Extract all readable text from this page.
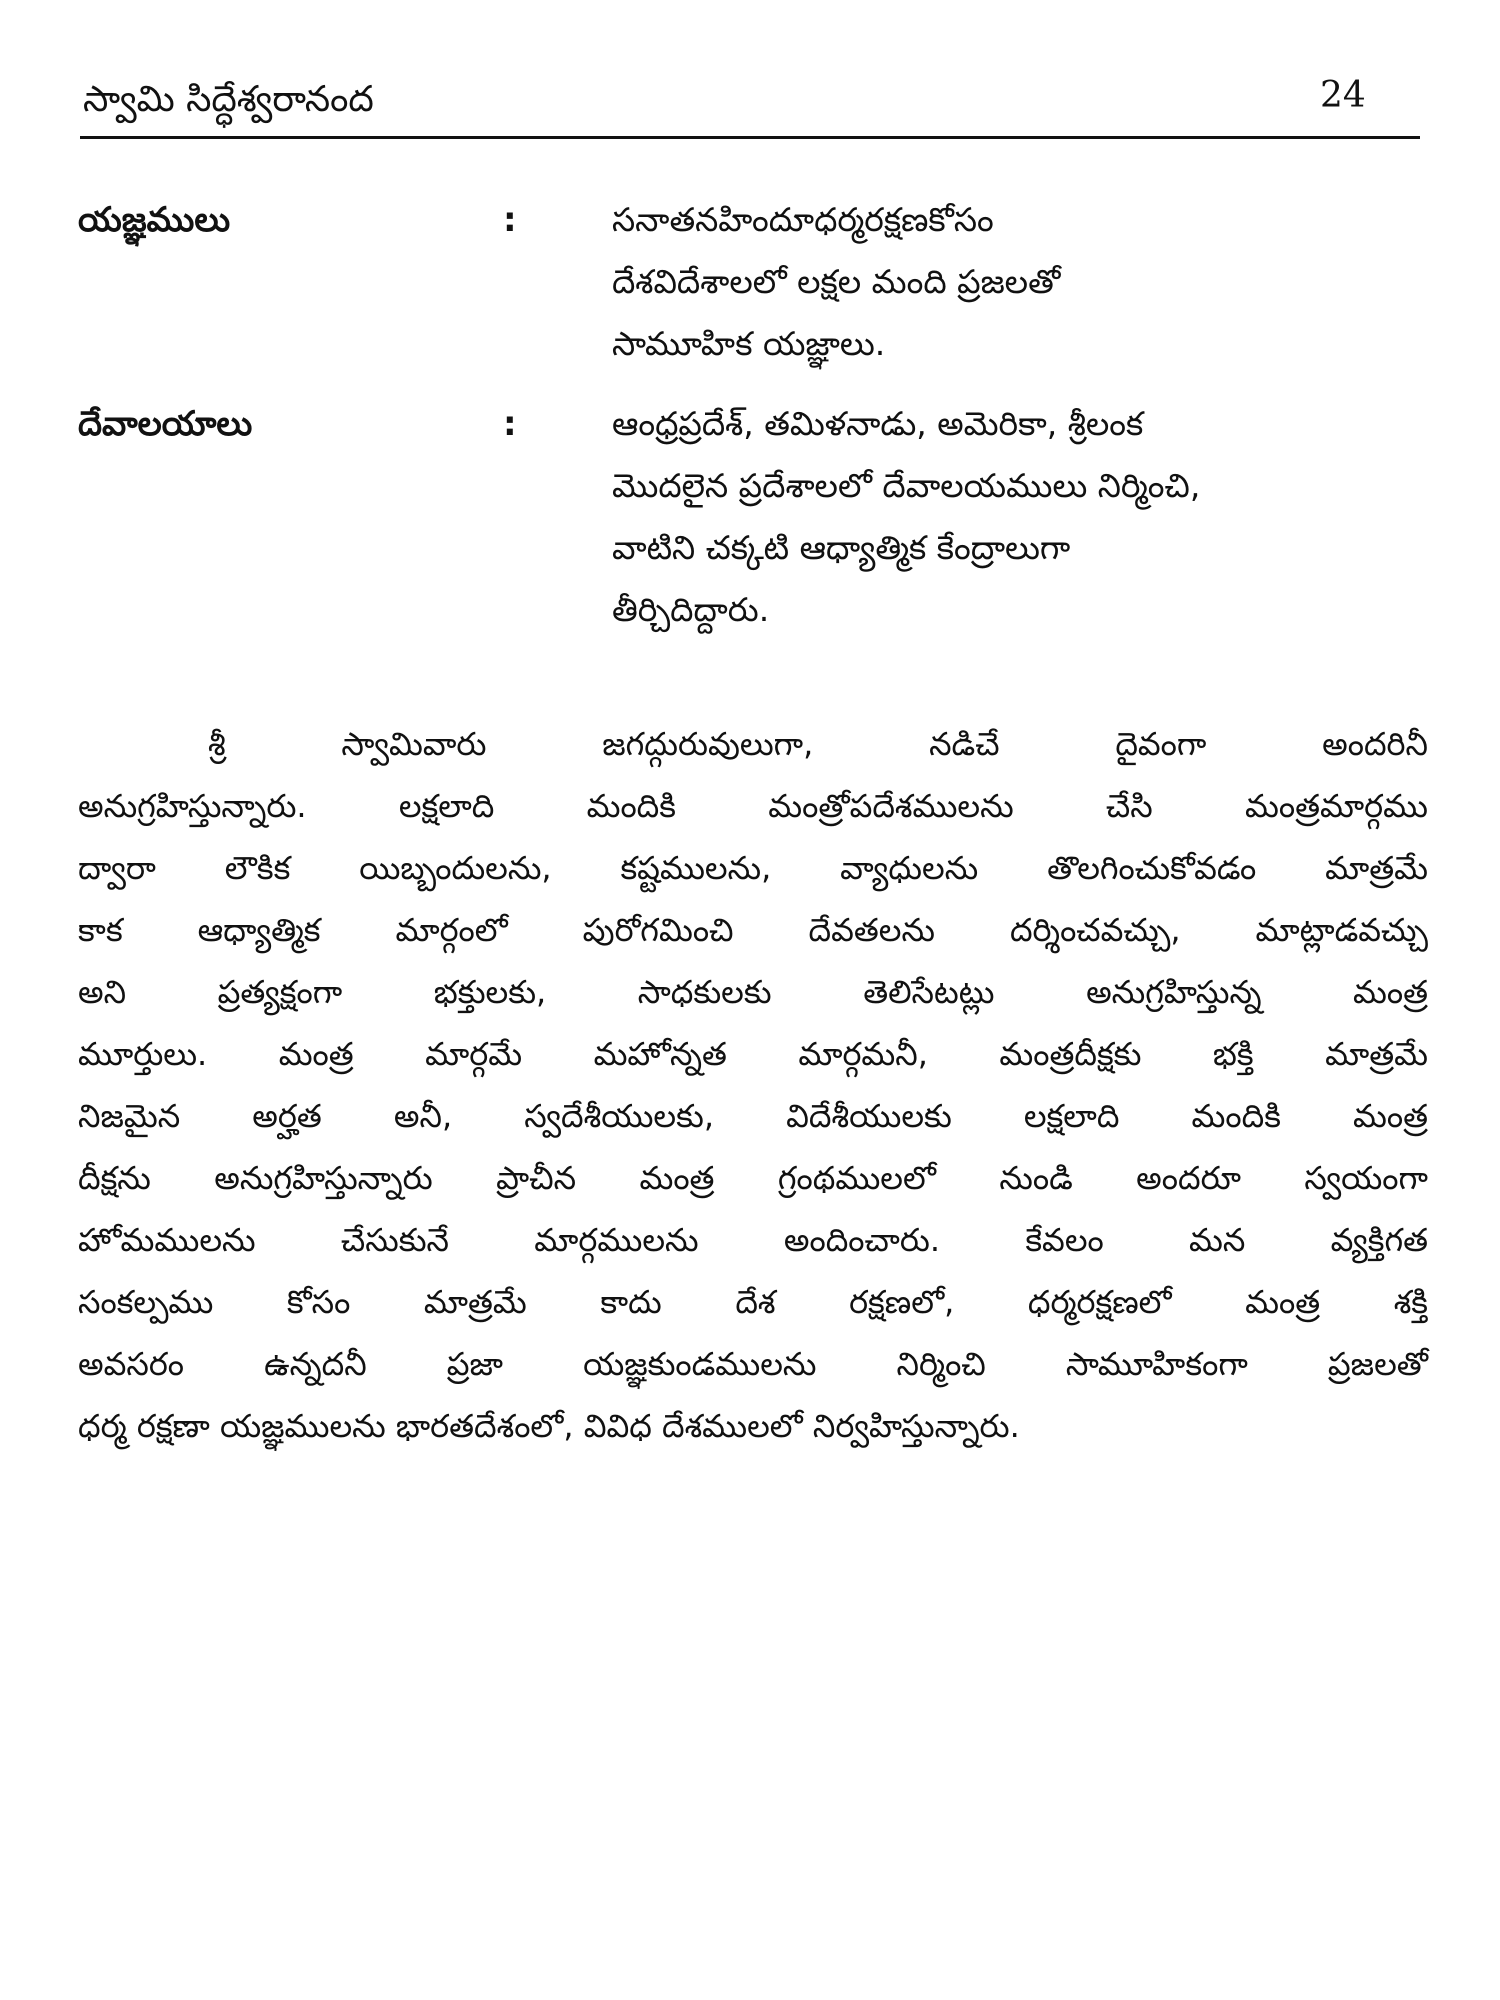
స్వామి సిద్ధేశ్వరానంద	24
యజ్ఞములు	:	సనాతనహిందూధర్మరక్షణకోసం
దేశవిదేశాలలో లక్షల మంది ప్రజలతో
సామూహిక యజ్ఞాలు.
దేవాలయాలు	:	ఆంధ్రప్రదేశ్, తమిళనాడు, అమెరికా, శ్రీలంక
మొదలైన ప్రదేశాలలో దేవాలయములు నిర్మించి,
వాటిని చక్కటి ఆధ్యాత్మిక కేంద్రాలుగా
తీర్చిదిద్దారు.
శ్రీ స్వామివారు జగద్గురువులుగా, నడిచే దైవంగా అందరినీ
అనుగ్రహిస్తున్నారు. లక్షలాది మందికి మంత్రోపదేశములను చేసి మంత్రమార్గము
ద్వారా లౌకిక యిబ్బందులను, కష్టములను, వ్యాధులను తొలగించుకోవడం మాత్రమే
కాక ఆధ్యాత్మిక మార్గంలో పురోగమించి దేవతలను దర్శించవచ్చు, మాట్లాడవచ్చు
అని ప్రత్యక్షంగా భక్తులకు, సాధకులకు తెలిసేటట్లు అనుగ్రహిస్తున్న మంత్ర
మూర్తులు. మంత్ర మార్గమే మహోన్నత మార్గమనీ, మంత్రదీక్షకు భక్తి మాత్రమే
నిజమైన అర్హత అనీ, స్వదేశీయులకు, విదేశీయులకు లక్షలాది మందికి మంత్ర
దీక్షను అనుగ్రహిస్తున్నారు ప్రాచీన మంత్ర గ్రంథములలో నుండి అందరూ స్వయంగా
హోమములను చేసుకునే మార్గములను అందించారు. కేవలం మన వ్యక్తిగత
సంకల్పము కోసం మాత్రమే కాదు దేశ రక్షణలో, ధర్మరక్షణలో మంత్ర శక్తి
అవసరం ఉన్నదనీ ప్రజా యజ్ఞకుండములను నిర్మించి సామూహికంగా ప్రజలతో
ధర్మ రక్షణా యజ్ఞములను భారతదేశంలో, వివిధ దేశములలో నిర్వహిస్తున్నారు.
